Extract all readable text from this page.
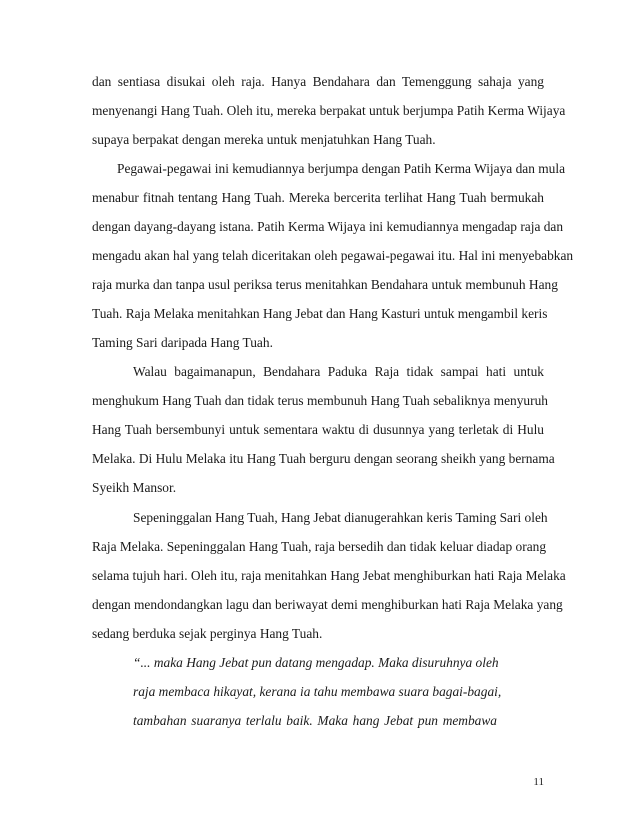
dan sentiasa disukai oleh raja. Hanya Bendahara dan Temenggung sahaja yang
menyenangi Hang Tuah. Oleh itu, mereka berpakat untuk berjumpa Patih Kerma Wijaya
supaya berpakat dengan mereka untuk menjatuhkan Hang Tuah.
Pegawai-pegawai ini kemudiannya berjumpa dengan Patih Kerma Wijaya dan mula
menabur fitnah tentang Hang Tuah. Mereka bercerita terlihat Hang Tuah bermukah
dengan dayang-dayang istana. Patih Kerma Wijaya ini kemudiannya mengadap raja dan
mengadu akan hal yang telah diceritakan oleh pegawai-pegawai itu. Hal ini menyebabkan
raja murka dan tanpa usul periksa terus menitahkan Bendahara untuk membunuh Hang
Tuah. Raja Melaka menitahkan Hang Jebat dan Hang Kasturi untuk mengambil keris
Taming Sari daripada Hang Tuah.
Walau bagaimanapun, Bendahara Paduka Raja tidak sampai hati untuk
menghukum Hang Tuah dan tidak terus membunuh Hang Tuah sebaliknya menyuruh
Hang Tuah bersembunyi untuk sementara waktu di dusunnya yang terletak di Hulu
Melaka. Di Hulu Melaka itu Hang Tuah berguru dengan seorang sheikh yang bernama
Syeikh Mansor.
Sepeninggalan Hang Tuah, Hang Jebat dianugerahkan keris Taming Sari oleh
Raja Melaka. Sepeninggalan Hang Tuah, raja bersedih dan tidak keluar diadap orang
selama tujuh hari. Oleh itu, raja menitahkan Hang Jebat menghiburkan hati Raja Melaka
dengan mendondangkan lagu dan beriwayat demi menghiburkan hati Raja Melaka yang
sedang berduka sejak perginya Hang Tuah.
“... maka Hang Jebat pun datang mengadap. Maka disuruhnya oleh
raja membaca hikayat, kerana ia tahu membawa suara bagai-bagai,
tambahan suaranya terlalu baik. Maka hang Jebat pun membawa
11
